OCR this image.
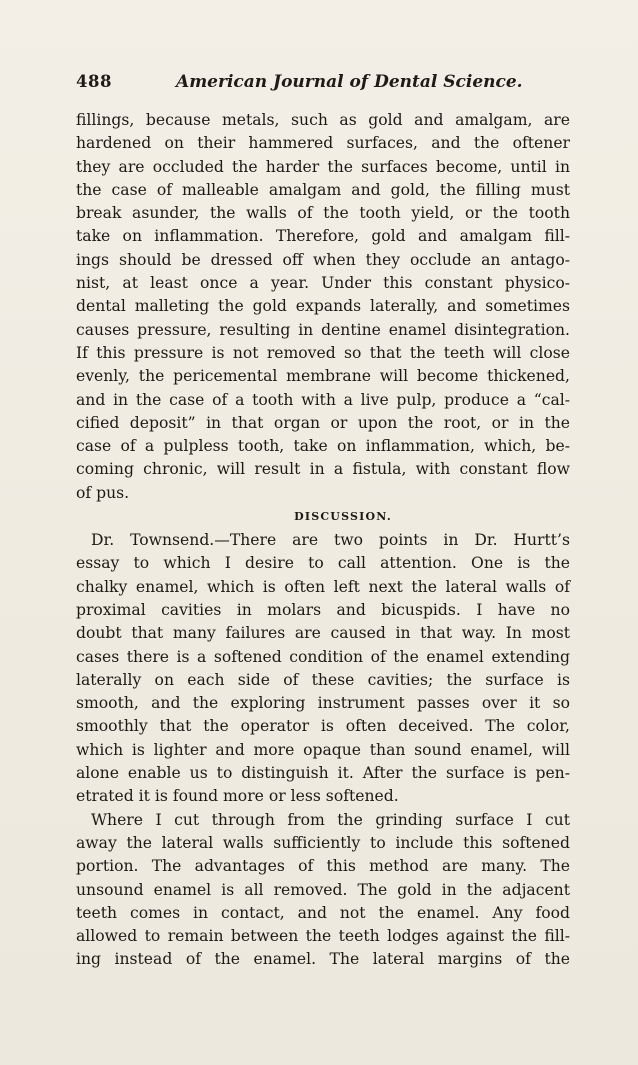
488	American Journal of Dental Science.
fillings, because metals, such as gold and amalgam, are
hardened on their hammered surfaces, and the oftener
they are occluded the harder the surfaces become, until in
the case of malleable amalgam and gold, the filling must
break asunder, the walls of the tooth yield, or the tooth
take on inflammation. Therefore, gold and amalgam fill-
ings should be dressed off when they occlude an antago-
nist, at least once a year. Under this constant physico-
dental malleting the gold expands laterally, and sometimes
causes pressure, resulting in dentine enamel disintegration.
If this pressure is not removed so that the teeth will close
evenly, the pericemental membrane will become thickened,
and in the case of a tooth with a live pulp, produce a “cal-
cified deposit” in that organ or upon the root, or in the
case of a pulpless tooth, take on inflammation, which, be-
coming chronic, will result in a fistula, with constant flow
of pus.
DISCUSSION.
Dr. Townsend.—There are two points in Dr. Hurtt’s
essay to which I desire to call attention. One is the
chalky enamel, which is often left next the lateral walls of
proximal cavities in molars and bicuspids. I have no
doubt that many failures are caused in that way. In most
cases there is a softened condition of the enamel extending
laterally on each side of these cavities; the surface is
smooth, and the exploring instrument passes over it so
smoothly that the operator is often deceived. The color,
which is lighter and more opaque than sound enamel, will
alone enable us to distinguish it. After the surface is pen-
etrated it is found more or less softened.
Where I cut through from the grinding surface I cut
away the lateral walls sufficiently to include this softened
portion. The advantages of this method are many. The
unsound enamel is all removed. The gold in the adjacent
teeth comes in contact, and not the enamel. Any food
allowed to remain between the teeth lodges against the fill-
ing instead of the enamel. The lateral margins of the
